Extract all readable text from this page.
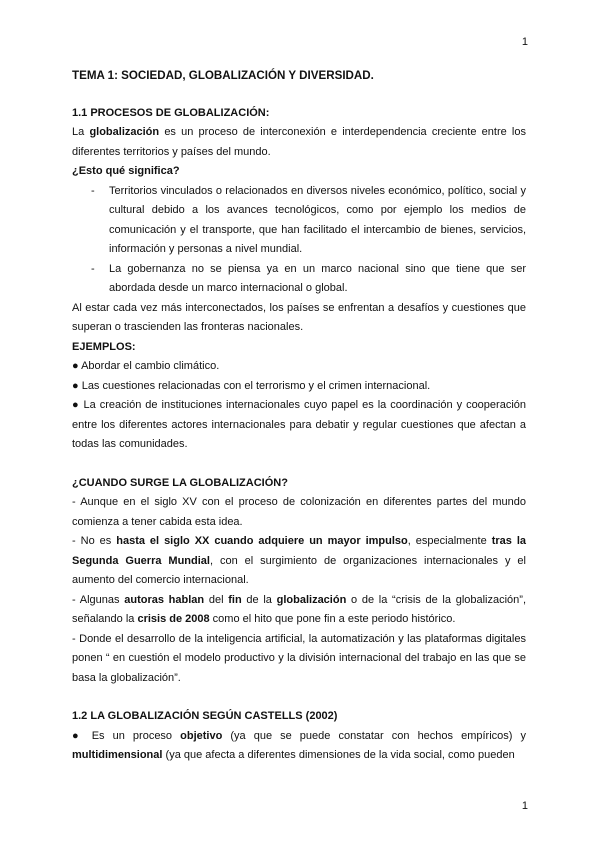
1
TEMA 1: SOCIEDAD, GLOBALIZACIÓN Y DIVERSIDAD.
1.1 PROCESOS DE GLOBALIZACIÓN:

La globalización es un proceso de interconexión e interdependencia creciente entre los diferentes territorios y países del mundo.

¿Esto qué significa?
-	Territorios vinculados o relacionados en diversos niveles económico, político, social y cultural debido a los avances tecnológicos, como por ejemplo los medios de comunicación y el transporte, que han facilitado el intercambio de bienes, servicios, información y personas a nivel mundial.
-	La gobernanza no se piensa ya en un marco nacional sino que tiene que ser abordada desde un marco internacional o global.

Al estar cada vez más interconectados, los países se enfrentan a desafíos y cuestiones que superan o trascienden las fronteras nacionales.

EJEMPLOS:

● Abordar el cambio climático.

● Las cuestiones relacionadas con el terrorismo y el crimen internacional.

● La creación de instituciones internacionales cuyo papel es la coordinación y cooperación entre los diferentes actores internacionales para debatir y regular cuestiones que afectan a todas las comunidades.

¿CUANDO SURGE LA GLOBALIZACIÓN?

- Aunque en el siglo XV con el proceso de colonización en diferentes partes del mundo comienza a tener cabida esta idea.

- No es hasta el siglo XX cuando adquiere un mayor impulso, especialmente tras la Segunda Guerra Mundial, con el surgimiento de organizaciones internacionales y el aumento del comercio internacional.

- Algunas autoras hablan del fin de la globalización o de la “crisis de la globalización”, señalando la crisis de 2008 como el hito que pone fin a este periodo histórico.

- Donde el desarrollo de la inteligencia artificial, la automatización y las plataformas digitales ponen “ en cuestión el modelo productivo y la división internacional del trabajo en las que se basa la globalización”.

1.2 LA GLOBALIZACIÓN SEGÚN CASTELLS (2002)

● Es un proceso objetivo (ya que se puede constatar con hechos empíricos) y multidimensional (ya que afecta a diferentes dimensiones de la vida social, como pueden

1
